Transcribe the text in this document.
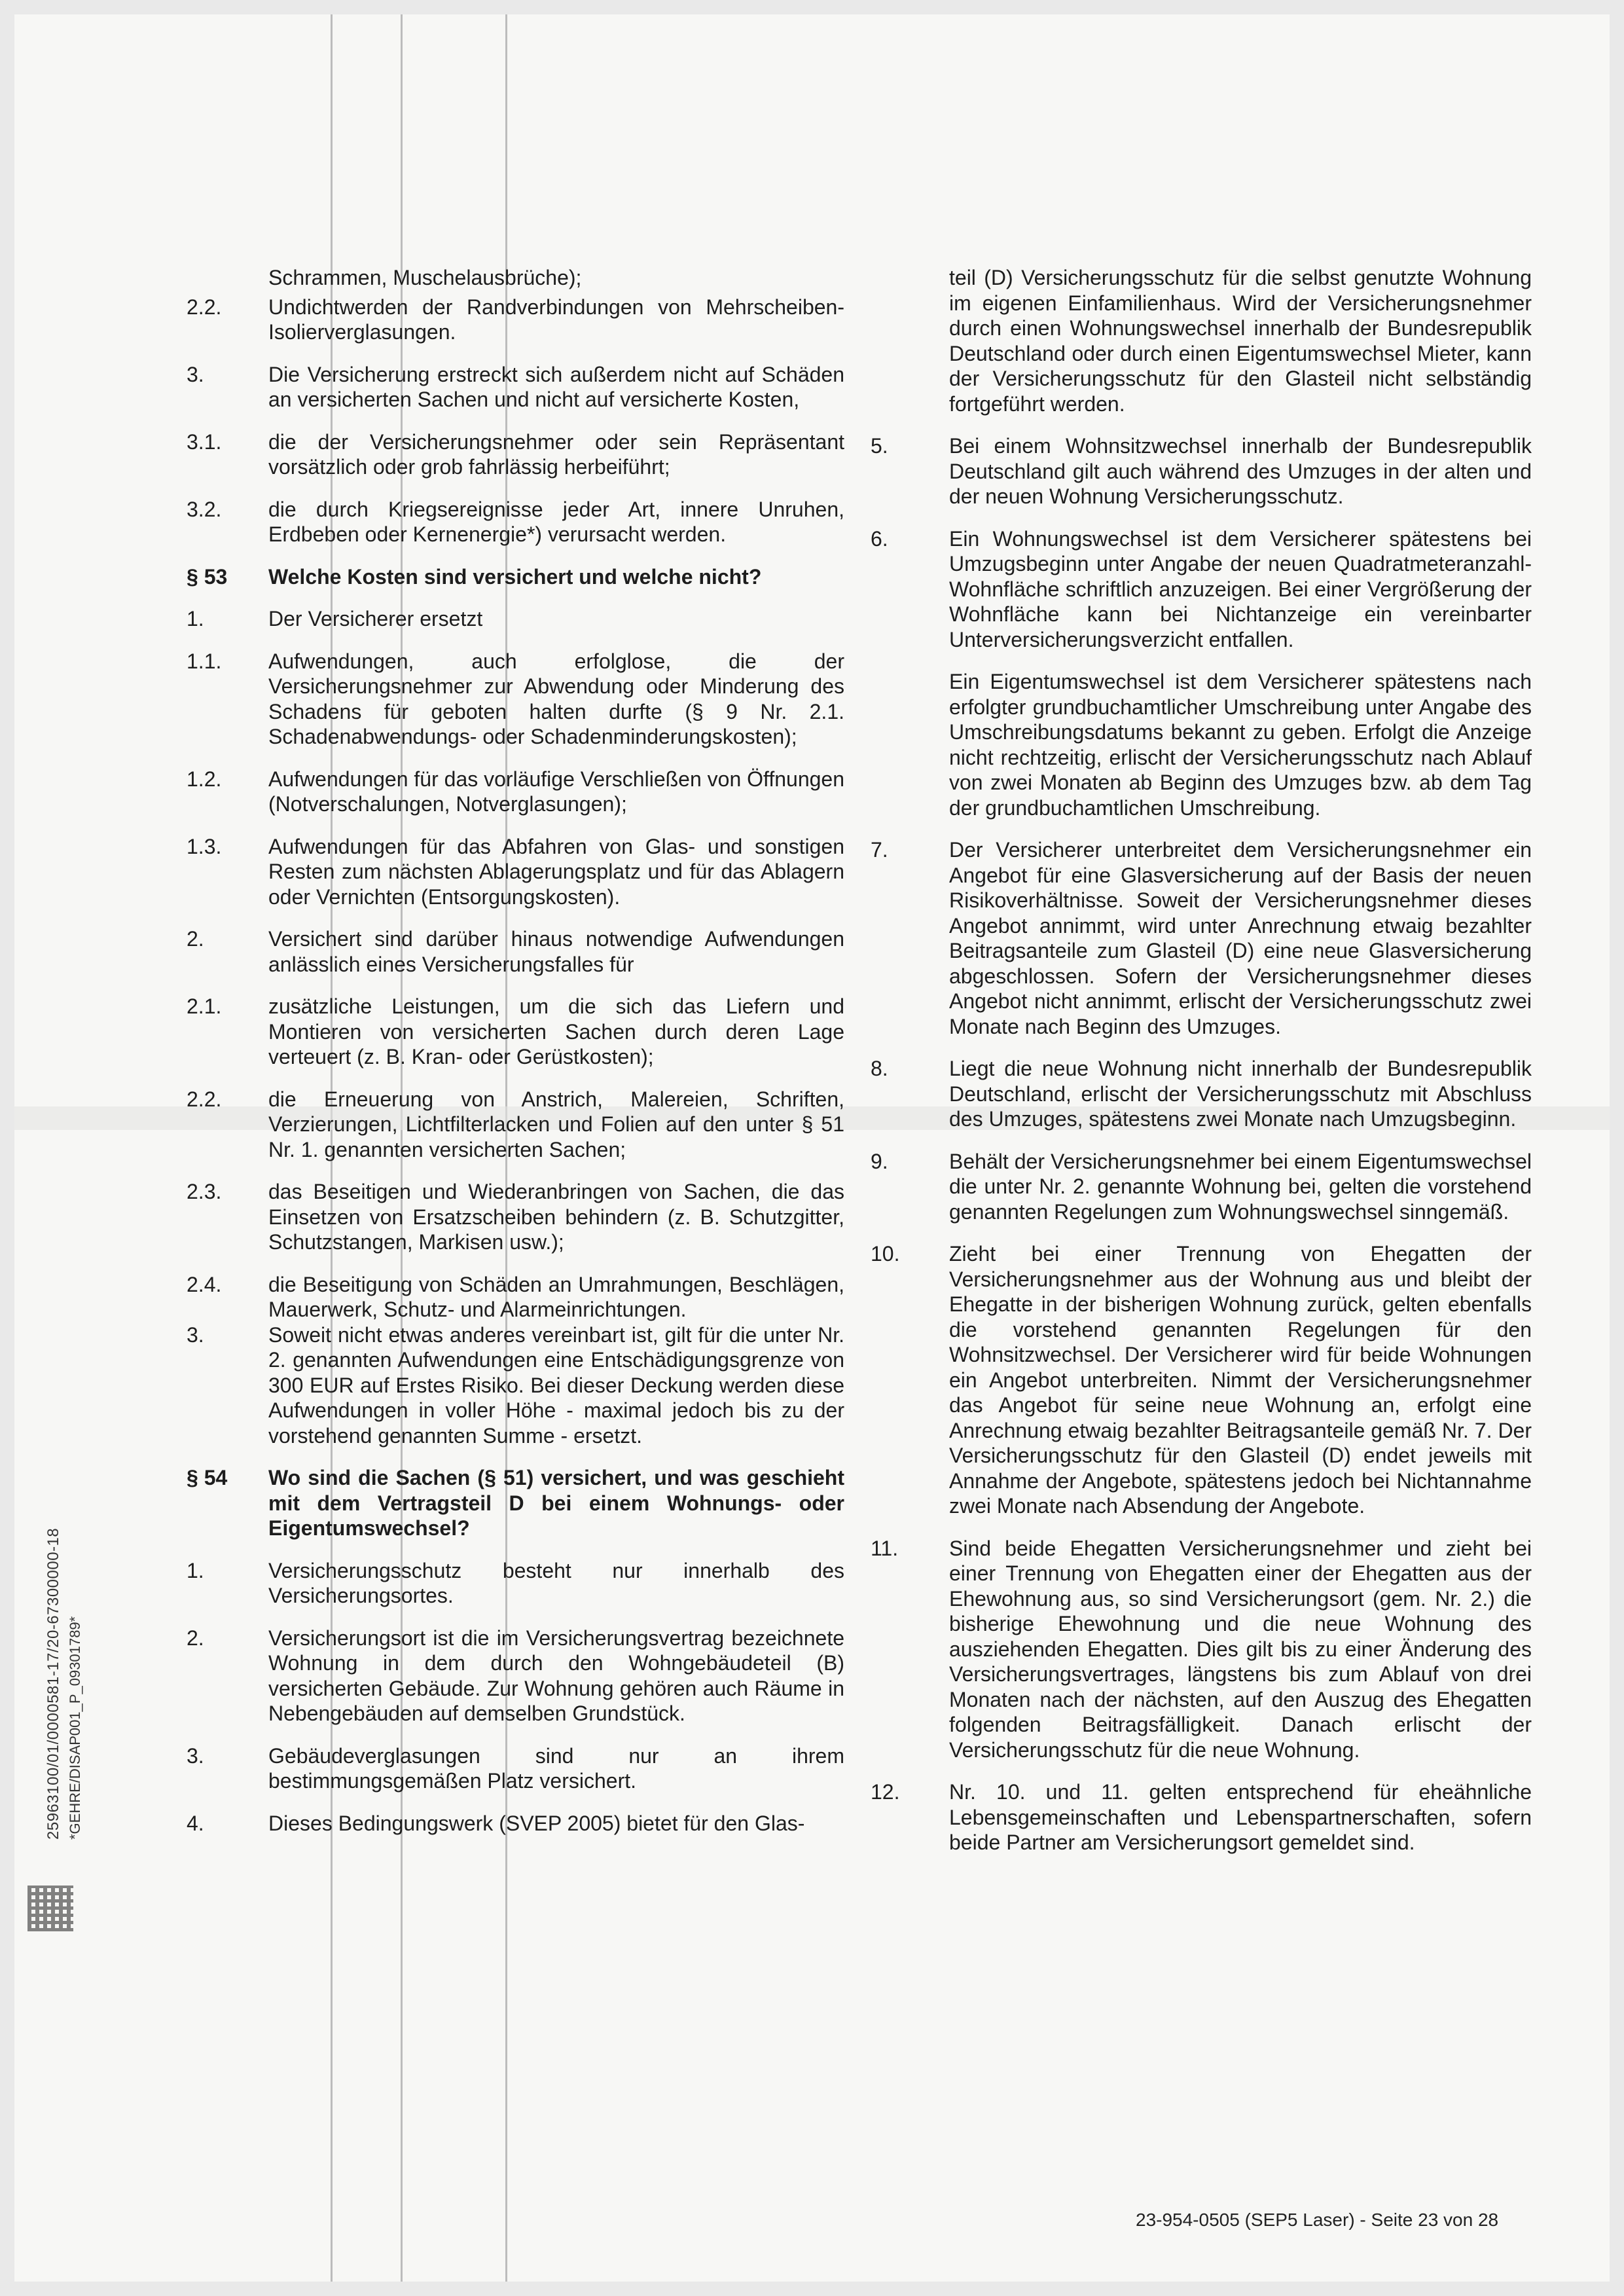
Schrammen, Muschelausbrüche);
2.2.	Undichtwerden der Randverbindungen von Mehrscheiben-Isolierverglasungen.
3.	Die Versicherung erstreckt sich außerdem nicht auf Schäden an versicherten Sachen und nicht auf versicherte Kosten,
3.1.	die der Versicherungsnehmer oder sein Repräsentant vorsätzlich oder grob fahrlässig herbeiführt;
3.2.	die durch Kriegsereignisse jeder Art, innere Unruhen, Erdbeben oder Kernenergie*) verursacht werden.
§ 53	Welche Kosten sind versichert und welche nicht?
1.	Der Versicherer ersetzt
1.1.	Aufwendungen, auch erfolglose, die der Versicherungsnehmer zur Abwendung oder Minderung des Schadens für geboten halten durfte (§ 9 Nr. 2.1. Schadenabwendungs- oder Schadenminderungskosten);
1.2.	Aufwendungen für das vorläufige Verschließen von Öffnungen (Notverschalungen, Notverglasungen);
1.3.	Aufwendungen für das Abfahren von Glas- und sonstigen Resten zum nächsten Ablagerungsplatz und für das Ablagern oder Vernichten (Entsorgungskosten).
2.	Versichert sind darüber hinaus notwendige Aufwendungen anlässlich eines Versicherungsfalles für
2.1.	zusätzliche Leistungen, um die sich das Liefern und Montieren von versicherten Sachen durch deren Lage verteuert (z. B. Kran- oder Gerüstkosten);
2.2.	die Erneuerung von Anstrich, Malereien, Schriften, Verzierungen, Lichtfilterlacken und Folien auf den unter § 51 Nr. 1. genannten versicherten Sachen;
2.3.	das Beseitigen und Wiederanbringen von Sachen, die das Einsetzen von Ersatzscheiben behindern (z. B. Schutzgitter, Schutzstangen, Markisen usw.);
2.4.	die Beseitigung von Schäden an Umrahmungen, Beschlägen, Mauerwerk, Schutz- und Alarmeinrichtungen.
3.	Soweit nicht etwas anderes vereinbart ist, gilt für die unter Nr. 2. genannten Aufwendungen eine Entschädigungsgrenze von 300 EUR auf Erstes Risiko. Bei dieser Deckung werden diese Aufwendungen in voller Höhe - maximal jedoch bis zu der vorstehend genannten Summe - ersetzt.
§ 54	Wo sind die Sachen (§ 51) versichert, und was geschieht mit dem Vertragsteil D bei einem Wohnungs- oder Eigentumswechsel?
1.	Versicherungsschutz besteht nur innerhalb des Versicherungsortes.
2.	Versicherungsort ist die im Versicherungsvertrag bezeichnete Wohnung in dem durch den Wohngebäudeteil (B) versicherten Gebäude. Zur Wohnung gehören auch Räume in Nebengebäuden auf demselben Grundstück.
3.	Gebäudeverglasungen sind nur an ihrem bestimmungsgemäßen Platz versichert.
4.	Dieses Bedingungswerk (SVEP 2005) bietet für den Glas-
teil (D) Versicherungsschutz für die selbst genutzte Wohnung im eigenen Einfamilienhaus. Wird der Versicherungsnehmer durch einen Wohnungswechsel innerhalb der Bundesrepublik Deutschland oder durch einen Eigentumswechsel Mieter, kann der Versicherungsschutz für den Glasteil nicht selbständig fortgeführt werden.
5.	Bei einem Wohnsitzwechsel innerhalb der Bundesrepublik Deutschland gilt auch während des Umzuges in der alten und der neuen Wohnung Versicherungsschutz.
6.	Ein Wohnungswechsel ist dem Versicherer spätestens bei Umzugsbeginn unter Angabe der neuen Quadratmeteranzahl-Wohnfläche schriftlich anzuzeigen. Bei einer Vergrößerung der Wohnfläche kann bei Nichtanzeige ein vereinbarter Unterversicherungsverzicht entfallen.
Ein Eigentumswechsel ist dem Versicherer spätestens nach erfolgter grundbuchamtlicher Umschreibung unter Angabe des Umschreibungsdatums bekannt zu geben. Erfolgt die Anzeige nicht rechtzeitig, erlischt der Versicherungsschutz nach Ablauf von zwei Monaten ab Beginn des Umzuges bzw. ab dem Tag der grundbuchamtlichen Umschreibung.
7.	Der Versicherer unterbreitet dem Versicherungsnehmer ein Angebot für eine Glasversicherung auf der Basis der neuen Risikoverhältnisse. Soweit der Versicherungsnehmer dieses Angebot annimmt, wird unter Anrechnung etwaig bezahlter Beitragsanteile zum Glasteil (D) eine neue Glasversicherung abgeschlossen. Sofern der Versicherungsnehmer dieses Angebot nicht annimmt, erlischt der Versicherungsschutz zwei Monate nach Beginn des Umzuges.
8.	Liegt die neue Wohnung nicht innerhalb der Bundesrepublik Deutschland, erlischt der Versicherungsschutz mit Abschluss des Umzuges, spätestens zwei Monate nach Umzugsbeginn.
9.	Behält der Versicherungsnehmer bei einem Eigentumswechsel die unter Nr. 2. genannte Wohnung bei, gelten die vorstehend genannten Regelungen zum Wohnungswechsel sinngemäß.
10.	Zieht bei einer Trennung von Ehegatten der Versicherungsnehmer aus der Wohnung aus und bleibt der Ehegatte in der bisherigen Wohnung zurück, gelten ebenfalls die vorstehend genannten Regelungen für den Wohnsitzwechsel. Der Versicherer wird für beide Wohnungen ein Angebot unterbreiten. Nimmt der Versicherungsnehmer das Angebot für seine neue Wohnung an, erfolgt eine Anrechnung etwaig bezahlter Beitragsanteile gemäß Nr. 7. Der Versicherungsschutz für den Glasteil (D) endet jeweils mit Annahme der Angebote, spätestens jedoch bei Nichtannahme zwei Monate nach Absendung der Angebote.
11.	Sind beide Ehegatten Versicherungsnehmer und zieht bei einer Trennung von Ehegatten einer der Ehegatten aus der Ehewohnung aus, so sind Versicherungsort (gem. Nr. 2.) die bisherige Ehewohnung und die neue Wohnung des ausziehenden Ehegatten. Dies gilt bis zu einer Änderung des Versicherungsvertrages, längstens bis zum Ablauf von drei Monaten nach der nächsten, auf den Auszug des Ehegatten folgenden Beitragsfälligkeit. Danach erlischt der Versicherungsschutz für die neue Wohnung.
12.	Nr. 10. und 11. gelten entsprechend für eheähnliche Lebensgemeinschaften und Lebenspartnerschaften, sofern beide Partner am Versicherungsort gemeldet sind.
25963100/01/0000581-17/20-67300000-18 *GEHRE/DISAP001_P_09301789*
23-954-0505 (SEP5 Laser) - Seite 23 von 28
